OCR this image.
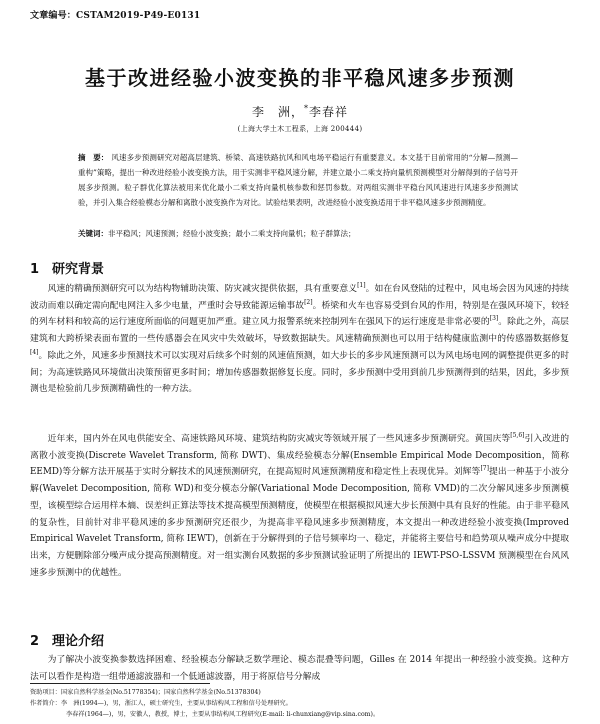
文章编号：CSTAM2019-P49-E0131
基于改进经验小波变换的非平稳风速多步预测
李　洲，*李春祥
(上海大学土木工程系，上海 200444)
摘　要： 风速多步预测研究对超高层建筑、桥梁、高速铁路抗风和风电场平稳运行有重要意义。本文基于目前常用的“分解—预测—重构”策略，提出一种改进经验小波变换方法，用于实测非平稳风速分解，并建立最小二乘支持向量机预测模型对分解得到的子信号开展多步预测。粒子群优化算法被用来优化最小二乘支持向量机核参数和惩罚参数。对两组实测非平稳台风风速进行风速多步预测试验，并引入集合经验模态分解和离散小波变换作为对比。试验结果表明，改进经验小波变换适用于非平稳风速多步预测精度。
关键词：非平稳风；风速预测；经验小波变换；最小二乘支持向量机；粒子群算法；
1 研究背景
风速的精确预测研究可以为结构物辅助决策、防灾减灾提供依据，具有重要意义[1]。如在台风登陆的过程中，风电场会因为风速的持续波动而难以确定需向配电网注入多少电量，严重时会导致能源运输事故[2]。桥梁和火车也容易受到台风的作用，特别是在强风环境下，较轻的列车材料和较高的运行速度所面临的问题更加严重。建立风力报警系统来控制列车在强风下的运行速度是非常必要的[3]。除此之外，高层建筑和大跨桥梁表面布置的一些传感器会在风灾中失效破坏，导致数据缺失。风速精确预测也可以用于结构健康监测中的传感器数据修复[4]。除此之外，风速多步预测技术可以实现对后续多个时刻的风速值预测，如大步长的多步风速预测可以为风电场电网的调整提供更多的时间；为高速铁路风环境做出决策预留更多时间；增加传感器数据修复长度。同时，多步预测中受用到前几步预测得到的结果，因此，多步预测也是检验前几步预测精确性的一种方法。
近年来，国内外在风电供能安全、高速铁路风环境、建筑结构防灾减灾等领域开展了一些风速多步预测研究。黄国庆等[5,6]引入改进的离散小波变换(Discrete Wavelet Transform, 简称 DWT)、集成经验模态分解(Ensemble Empirical Mode Decomposition，简称 EEMD)等分解方法开展基于实时分解技术的风速预测研究，在提高短时风速预测精度和稳定性上表现优异。刘辉等[7]提出一种基于小波分解(Wavelet Decomposition, 简称 WD)和变分模态分解(Variational Mode Decomposition, 简称 VMD)的二次分解风速多步预测模型，该模型综合运用样本熵、误差纠正算法等技术提高模型预测精度，使模型在根据模拟风速大步长预测中具有良好的性能。由于非平稳风的复杂性，目前针对非平稳风速的多步预测研究还很少，为提高非平稳风速多步预测精度，本文提出一种改进经验小波变换(Improved Empirical Wavelet Transform, 简称 IEWT)，创新在于分解得到的子信号频率均一、稳定，并能将主要信号和趋势项从噪声成分中提取出来，方便删除部分噪声成分提高预测精度。对一组实测台风数据的多步预测试验证明了所提出的 IEWT-PSO-LSSVM 预测模型在台风风速多步预测中的优越性。
2 理论介绍
为了解决小波变换参数选择困难、经验模态分解缺乏数学理论、模态混叠等问题，Gilles 在 2014 年提出一种经验小波变换。这种方法可以看作是构造一组带通滤波器和一个低通滤波器，用于将原信号分解成
资助项目：国家自然科学基金(No.51778354)；国家自然科学基金(No.51378304)
作者简介：李　洲(1994—)，男，浙江人，硕士研究生，主要从事结构风工程和信号处理研究。
李春祥(1964—)，男，安徽人，教授，博士，主要从事结构风工程研究(E-mail: li-chunxiang@vip.sina.com)。
